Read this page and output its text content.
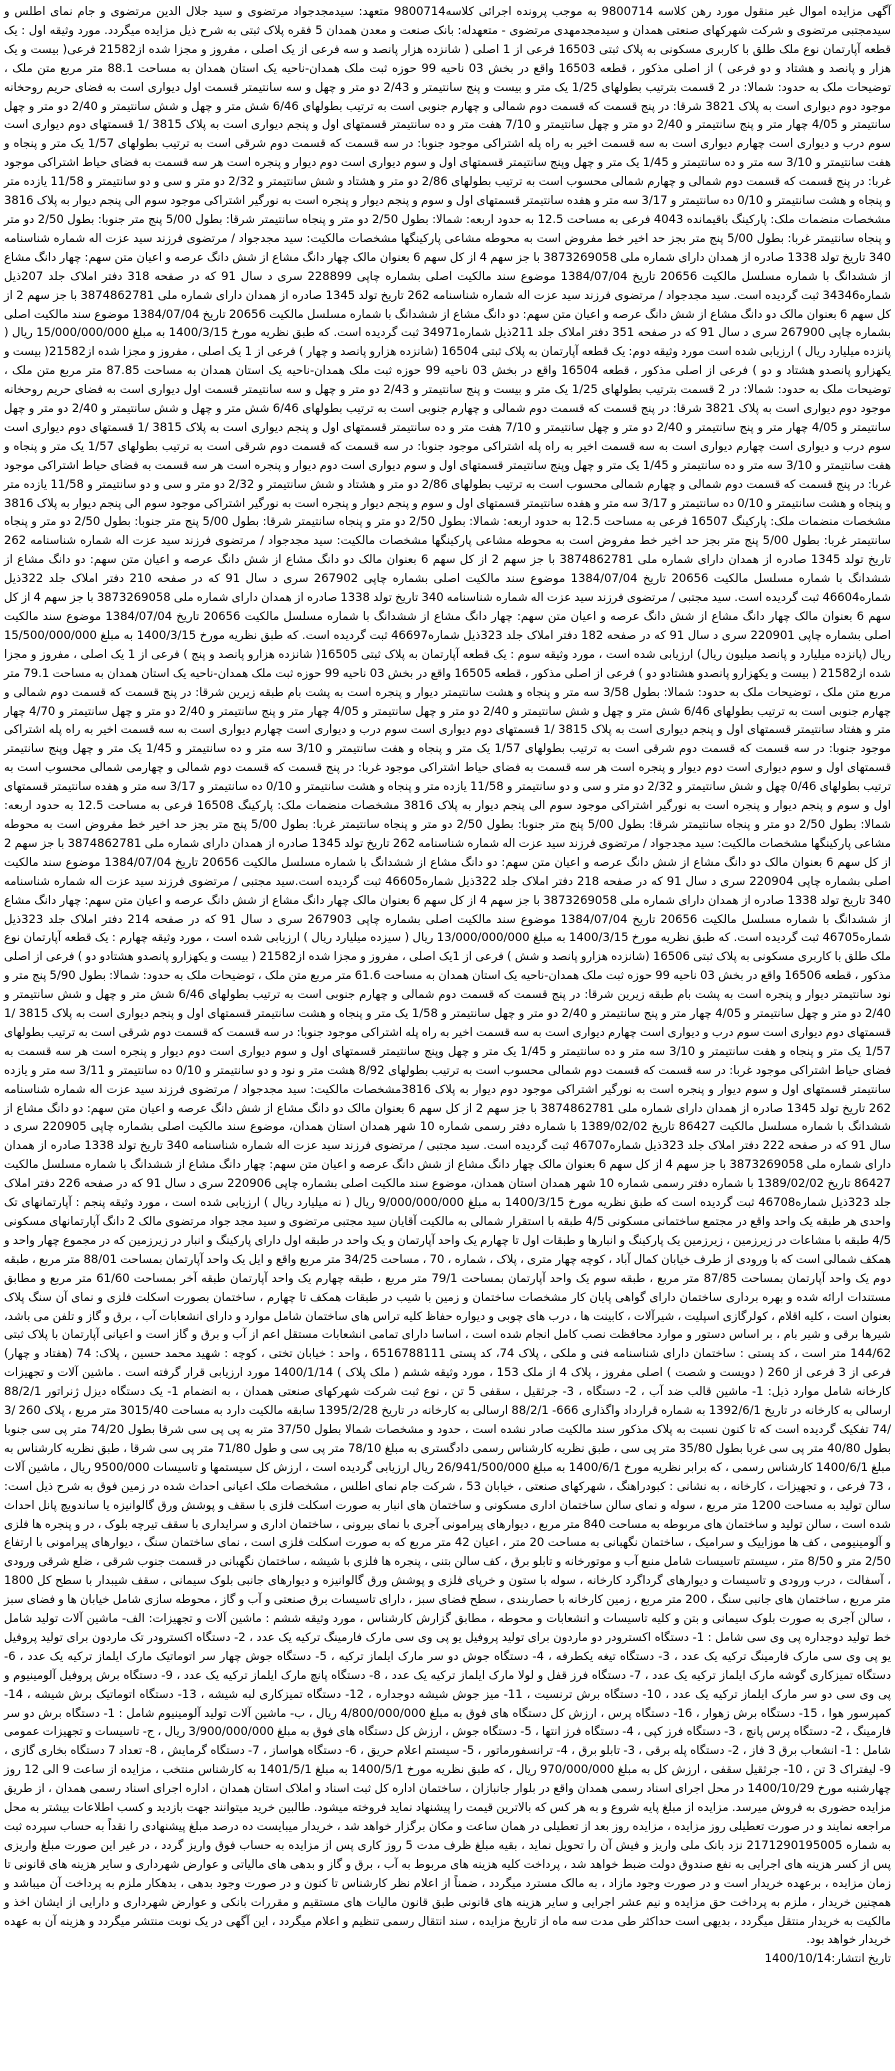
آگهی مزایده اموال غیر منقول مورد رهن کلاسه 9800714 به موجب پرونده اجرائی کلاسه9800714 متعهد: سیدمجدجواد مرتضوی و سید جلال الدین مرتضوی و جام نمای اطلس و سیدمجتبی مرتضوی و شرکت شهرکهای صنعتی همدان و سیدمجدمهدی مرتضوی - متعهدله: بانک صنعت و معدن همدان 5 فقره پلاک ثبتی به شرح ذیل مزایده میگردد. مورد وثیقه اول : یک قطعه آپارتمان نوع ملک طلق با کاربری مسکونی به پلاک ثبتی 16503 فرعی از 1 اصلی ( شانزده هزار پانصد و سه فرعی از یک اصلی ، مفروز و مجزا شده از21582 فرعی( بیست و یک هزار و پانصد و هشتاد و دو فرعی ) از اصلی مذکور ، قطعه 16503 واقع در بخش 03 ناحیه 99 حوزه ثبت ملک همدان-ناحیه یک استان همدان به مساحت 88.1 متر مربع متن ملک ، توضیحات ملک به حدود: شمالا: در 2 قسمت بترتیب بطولهای 1/25 یک متر و بیست و پنج سانتیمتر و 2/43 دو متر و چهل و سه سانتیمتر قسمت اول دیواری است به فضای حریم روحخانه موجود دوم دیواری است به پلاک 3821 شرقا: در پنج قسمت که قسمت دوم شمالی و چهارم جنوبی است به ترتیب بطولهای 6/46 شش متر و چهل و شش سانتیمتر و 2/40 دو متر و چهل سانتیمتر و 4/05 چهار متر و پنج سانتیمتر و 2/40 دو متر و چهل سانتیمتر و 7/10 هفت متر و ده سانتیمتر قسمتهای اول و پنجم دیواری است به پلاک 3815 /1 قسمتهای دوم دیواری است سوم درب و دیواری است چهارم دیواری است به سه قسمت اخیر به راه پله اشتراکی موجود جنوبا: در سه قسمت که قسمت دوم شرقی است به ترتیب بطولهای 1/57 یک متر و پنجاه و هفت سانتیمتر و 3/10 سه متر و ده سانتیمتر و 1/45 یک متر و چهل وپنج سانتیمتر قسمتهای اول و سوم دیواری است دوم دیوار و پنجره است هر سه قسمت به فضای حیاط اشتراکی موجود غربا: در پنج قسمت که قسمت دوم شمالی و چهارم شمالی محسوب است به ترتیب بطولهای 2/86 دو متر و هشتاد و شش سانتیمتر و 2/32 دو متر و سی و دو سانتیمتر و 11/58 یازده متر و پنجاه و هشت سانتیمتر و 0/10 ده سانتیمتر و 3/17 سه متر و هفده سانتیمتر قسمتهای اول و سوم و پنجم دیوار و پنجره است به نورگیر اشتراکی موجود سوم الی پنجم دیوار به پلاک 3816 مشخصات منضمات ملک: پارکینگ باقیمانده 4043 فرعی به مساحت 12.5 به حدود اربعه: شمالا: بطول 2/50 دو متر و پنجاه سانتیمتر شرقا: بطول 5/00 پنج متر جنوبا: بطول 2/50 دو متر و پنجاه سانتیمتر غربا: بطول 5/00 پنج متر بجز حد اخیر خط مفروض است به محوطه مشاعی پارکینگها مشخصات مالکیت: سید مجدجواد / مرتضوی فرزند سید عزت اله شماره شناسنامه 340 تاریخ تولد 1338 صادره از همدان دارای شماره ملی 3873269058 با جز سهم 4 از کل سهم 6 بعنوان مالک چهار دانگ مشاع از شش دانگ عرصه و اعیان متن سهم: چهار دانگ مشاع از ششدانگ با شماره مسلسل مالکیت 20656 تاریخ 1384/07/04 موضوع سند مالکیت اصلی بشماره چاپی 228899 سری د سال 91 که در صفحه 318 دفتر املاک جلد 207ذیل شماره34346 ثبت گردیده است. سید مجدجواد / مرتضوی فرزند سید عزت اله شماره شناسنامه 262 تاریخ تولد 1345 صادره از همدان دارای شماره ملی 3874862781 با جز سهم 2 از کل سهم 6 بعنوان مالک دو دانگ مشاع از شش دانگ عرصه و اعیان متن سهم: دو دانگ مشاع از ششدانگ با شماره مسلسل مالکیت 20656 تاریخ 1384/07/04 موضوع سند مالکیت اصلی بشماره چاپی 267900 سری د سال 91 که در صفحه 351 دفتر املاک جلد 211ذیل شماره34971 ثبت گردیده است. که طبق نظریه مورخ 1400/3/15 به مبلغ 15/000/000/000 ریال ( پانزده میلیارد ریال ) ارزیابی شده است مورد وثیقه دوم: یک قطعه آپارتمان به پلاک ثبتی 16504 (شانزده هزارو پانصد و چهار ) فرعی از 1 یک اصلی ، مفروز و مجزا شده از21582( بیست و یکهزارو پانصدو هشتاد و دو ) فرعی از اصلی مذکور ، قطعه 16504 واقع در بخش 03 ناحیه 99 حوزه ثبت ملک همدان-ناحیه یک استان همدان به مساحت 87.85 متر مربع متن ملک ، توضیحات ملک به حدود: شمالا: در 2 قسمت بترتیب بطولهای 1/25 یک متر و بیست و پنج سانتیمتر و 2/43 دو متر و چهل و سه سانتیمتر قسمت اول دیواری است به فضای حریم روحخانه موجود دوم دیواری است به پلاک 3821 شرقا: در پنج قسمت که قسمت دوم شمالی و چهارم جنوبی است به ترتیب بطولهای 6/46 شش متر و چهل و شش سانتیمتر و 2/40 دو متر و چهل سانتیمتر و 4/05 چهار متر و پنج سانتیمتر و 2/40 دو متر و چهل سانتیمتر و 7/10 هفت متر و ده سانتیمتر قسمتهای اول و پنجم دیواری است به پلاک 3815 /1 قسمتهای دوم دیواری است سوم درب و دیواری است چهارم دیواری است به سه قسمت اخیر به راه پله اشتراکی موجود جنوبا: در سه قسمت که قسمت دوم شرقی است به ترتیب بطولهای 1/57 یک متر و پنجاه و هفت سانتیمتر و 3/10 سه متر و ده سانتیمتر و 1/45 یک متر و چهل وپنج سانتیمتر قسمتهای اول و سوم دیواری است دوم دیوار و پنجره است هر سه قسمت به فضای حیاط اشتراکی موجود غربا: در پنج قسمت که قسمت دوم شمالی و چهارم شمالی محسوب است به ترتیب بطولهای 2/86 دو متر و هشتاد و شش سانتیمتر و 2/32 دو متر و سی و دو سانتیمتر و 11/58 یازده متر و پنجاه و هشت سانتیمتر و 0/10 ده سانتیمتر و 3/17 سه متر و هفده سانتیمتر قسمتهای اول و سوم و پنجم دیوار و پنجره است به نورگیر اشتراکی موجود سوم الی پنجم دیوار به پلاک 3816 مشخصات منضمات ملک: پارکینگ 16507 فرعی به مساحت 12.5 به حدود اربعه: شمالا: بطول 2/50 دو متر و پنجاه سانتیمتر شرقا: بطول 5/00 پنج متر جنوبا: بطول 2/50 دو متر و پنجاه سانتیمتر غربا: بطول 5/00 پنج متر بجز حد اخیر خط مفروض است به محوطه مشاعی پارکینگها مشخصات مالکیت: سید مجدجواد / مرتضوی فرزند سید عزت اله شماره شناسنامه 262 تاریخ تولد 1345 صادره از همدان دارای شماره ملی 3874862781 با جز سهم 2 از کل سهم 6 بعنوان مالک دو دانگ مشاع از شش دانگ عرصه و اعیان متن سهم: دو دانگ مشاع از ششدانگ با شماره مسلسل مالکیت 20656 تاریخ 1384/07/04 موضوع سند مالکیت اصلی بشماره چاپی 267902 سری د سال 91 که در صفحه 210 دفتر املاک جلد 322ذیل شماره46604 ثبت گردیده است. سید مجتبی / مرتضوی فرزند سید عزت اله شماره شناسنامه 340 تاریخ تولد 1338 صادره از همدان دارای شماره ملی 3873269058 با جز سهم 4 از کل سهم 6 بعنوان مالک چهار دانگ مشاع از شش دانگ عرصه و اعیان متن سهم: چهار دانگ مشاع از ششدانگ با شماره مسلسل مالکیت 20656 تاریخ 1384/07/04 موضوع سند مالکیت اصلی بشماره چاپی 220901 سری د سال 91 که در صفحه 182 دفتر املاک جلد 323ذیل شماره46697 ثبت گردیده است. که طبق نظریه مورخ 1400/3/15 به مبلغ 15/500/000/000 ریال (پانزده میلیارد و پانصد میلیون ریال) ارزیابی شده است ، مورد وثیقه سوم : یک قطعه آپارتمان به پلاک ثبتی 16505( شانزده هزارو پانصد و پنج ) فرعی از 1 یک اصلی ، مفروز و مجزا شده از21582 ( بیست و یکهزارو پانصدو هشتادو دو ) فرعی از اصلی مذکور ، قطعه 16505 واقع در بخش 03 ناحیه 99 حوزه ثبت ملک همدان-ناحیه یک استان همدان به مساحت 79.1 متر مربع متن ملک ، توضیحات ملک به حدود: شمالا: بطول 3/58 سه متر و پنجاه و هشت سانتیمتر دیوار و پنجره است به پشت بام طبقه زیرین شرقا: در پنج قسمت که قسمت دوم شمالی و چهارم جنوبی است به ترتیب بطولهای 6/46 شش متر و چهل و شش سانتیمتر و 2/40 دو متر و چهل سانتیمتر و 4/05 چهار متر و پنج سانتیمتر و 2/40 دو متر و چهل سانتیمتر و 4/70 چهار متر و هفتاد سانتیمتر قسمتهای اول و پنجم دیواری است به پلاک 3815 /1 قسمتهای دوم دیواری است سوم درب و دیواری است چهارم دیواری است به سه قسمت اخیر به راه پله اشتراکی موجود جنوبا: در سه قسمت که قسمت دوم شرقی است به ترتیب بطولهای 1/57 یک متر و پنجاه و هفت سانتیمتر و 3/10 سه متر و ده سانتیمتر و 1/45 یک متر و چهل وپنج سانتیمتر قسمتهای اول و سوم دیواری است دوم دیوار و پنجره است هر سه قسمت به فضای حیاط اشتراکی موجود غربا: در پنج قسمت که قسمت دوم شمالی و چهارمی شمالی محسوب است به ترتیب بطولهای 0/46 چهل و شش سانتیمتر و 2/32 دو متر و سی و دو سانتیمتر و 11/58 یازده متر و پنجاه و هشت سانتیمتر و 0/10 ده سانتیمتر و 3/17 سه متر و هفده سانتیمتر قسمتهای اول و سوم و پنجم دیوار و پنجره است به نورگیر اشتراکی موجود سوم الی پنجم دیوار به پلاک 3816 مشخصات منضمات ملک: پارکینگ 16508 فرعی به مساحت 12.5 به حدود اربعه: شمالا: بطول 2/50 دو متر و پنجاه سانتیمتر شرقا: بطول 5/00 پنج متر جنوبا: بطول 2/50 دو متر و پنجاه سانتیمتر غربا: بطول 5/00 پنج متر بجز حد اخیر خط مفروض است به محوطه مشاعی پارکینگها مشخصات مالکیت: سید مجدجواد / مرتضوی فرزند سید عزت اله شماره شناسنامه 262 تاریخ تولد 1345 صادره از همدان دارای شماره ملی 3874862781 با جز سهم 2 از کل سهم 6 بعنوان مالک دو دانگ مشاع از شش دانگ عرصه و اعیان متن سهم: دو دانگ مشاع از ششدانگ با شماره مسلسل مالکیت 20656 تاریخ 1384/07/04 موضوع سند مالکیت اصلی بشماره چاپی 220904 سری د سال 91 که در صفحه 218 دفتر املاک جلد 322ذیل شماره46605 ثبت گردیده است.سید مجتبی / مرتضوی فرزند سید عزت اله شماره شناسنامه 340 تاریخ تولد 1338 صادره از همدان دارای شماره ملی 3873269058 با جز سهم 4 از کل سهم 6 بعنوان مالک چهار دانگ مشاع از شش دانگ عرصه و اعیان متن سهم: چهار دانگ مشاع از ششدانگ با شماره مسلسل مالکیت 20656 تاریخ 1384/07/04 موضوع سند مالکیت اصلی بشماره چاپی 267903 سری د سال 91 که در صفحه 214 دفتر املاک جلد 323ذیل شماره46705 ثبت گردیده است. که طبق نظریه مورخ 1400/3/15 به مبلغ 13/000/000/000 ریال ( سیزده میلیارد ریال ) ارزیابی شده است ، مورد وثیقه چهارم : یک قطعه آپارتمان نوع ملک طلق با کاربری مسکونی به پلاک ثبتی 16506 (شانزده هزارو پانصد و شش ) فرعی از 1یک اصلی ، مفروز و مجزا شده از21582 ( بیست و یکهزارو پانصدو هشتادو دو ) فرعی از اصلی مذکور ، قطعه 16506 واقع در بخش 03 ناحیه 99 حوزه ثبت ملک همدان-ناحیه یک استان همدان به مساحت 61.6 متر مربع متن ملک ، توضیحات ملک به حدود: شمالا: بطول 5/90 پنج متر و نود سانتیمتر دیوار و پنجره است به پشت بام طبقه زیرین شرقا: در پنج قسمت که قسمت دوم شمالی و چهارم جنوبی است به ترتیب بطولهای 6/46 شش متر و چهل و شش سانتیمتر و 2/40 دو متر و چهل سانتیمتر و 4/05 چهار متر و پنج سانتیمتر و 2/40 دو متر و چهل سانتیمتر و 1/58 یک متر و پنجاه و هشت سانتیمتر قسمتهای اول و پنجم دیواری است به پلاک 3815 /1 قسمتهای دوم دیواری است سوم درب و دیواری است چهارم دیواری است به سه قسمت اخیر به راه پله اشتراکی موجود جنوبا: در سه قسمت که قسمت دوم شرقی است به ترتیب بطولهای 1/57 یک متر و پنجاه و هفت سانتیمتر و 3/10 سه متر و ده سانتیمتر و 1/45 یک متر و چهل وپنج سانتیمتر قسمتهای اول و سوم دیواری است دوم دیوار و پنجره است هر سه قسمت به فضای حیاط اشتراکی موجود غربا: در سه قسمت که قسمت دوم شمالی محسوب است به ترتیب بطولهای 8/92 هشت متر و نود و دو سانتیمتر و 0/10 ده سانتیمتر و 3/11 سه متر و یازده سانتیمتر قسمتهای اول و سوم دیوار و پنجره است به نورگیر اشتراکی موجود دوم دیوار به پلاک 3816مشخصات مالکیت: سید مجدجواد / مرتضوی فرزند سید عزت اله شماره شناسنامه 262 تاریخ تولد 1345 صادره از همدان دارای شماره ملی 3874862781 با جز سهم 2 از کل سهم 6 بعنوان مالک دو دانگ مشاع از شش دانگ عرصه و اعیان متن سهم: دو دانگ مشاع از ششدانگ با شماره مسلسل مالکیت 86427 تاریخ 1389/02/02 با شماره دفتر رسمی شماره 10 شهر همدان استان همدان، موضوع سند مالکیت اصلی بشماره چاپی 220905 سری د سال 91 که در صفحه 222 دفتر املاک جلد 323ذیل شماره46707 ثبت گردیده است. سید مجتبی / مرتضوی فرزند سید عزت اله شماره شناسنامه 340 تاریخ تولد 1338 صادره از همدان دارای شماره ملی 3873269058 با جز سهم 4 از کل سهم 6 بعنوان مالک چهار دانگ مشاع از شش دانگ عرصه و اعیان متن سهم: چهار دانگ مشاع از ششدانگ با شماره مسلسل مالکیت 86427 تاریخ 1389/02/02 با شماره دفتر رسمی شماره 10 شهر همدان استان همدان، موضوع سند مالکیت اصلی بشماره چاپی 220906 سری د سال 91 که در صفحه 226 دفتر املاک جلد 323ذیل شماره46708 ثبت گردیده است که طبق نظریه مورخ 1400/3/15 به مبلغ 9/000/000/000 ریال ( نه میلیارد ریال ) ارزیابی شده است ، مورد وثیقه پنجم : آپارتمانهای تک واحدی هر طبقه یک واحد واقع در مجتمع ساختمانی مسکونی 4/5 طبقه با استقرار شمالی به مالکیت آقایان سید مجتبی مرتضوی و سید مجد جواد مرتضوی مالک 2 دانگ آپارتمانهای مسکونی 4/5 طبقه با مشاعات در زیرزمین ، زیرزمین یک پارکینگ و انبارها و طبقات اول تا چهارم یک واحد آپارتمان و یک واحد در طبقه اول دارای پارکینگ و انبار در زیرزمین که در مجموع چهار واحد و همکف شمالی است که با ورودی از طرف خیابان کمال آباد ، کوچه چهار متری ، پلاک ، شماره ، 70 ، مساحت 34/25 متر مربع واقع و ایل یک واحد آپارتمان بمساحت 88/01 متر مربع ، طبقه دوم یک واحد آپارتمان بمساحت 87/85 متر مربع ، طبقه سوم یک واحد آپارتمان بمساحت 79/1 متر مربع ، طبقه چهارم یک واحد آپارتمان طبقه آخر بمساحت 61/60 متر مربع و مطابق مستندات ارائه شده و بهره برداری ساختمان دارای گواهی پایان کار مشخصات ساختمان و زمین با شیب در طبقات همکف تا چهارم ، ساختمان بصورت اسکلت فلزی و نمای آن سنگ پلاک بعنوان است ، کلیه اقلام ، کولرگازی اسپلیت ، شیرآلات ، کابینت ها ، درب های چوبی و دیواره حفاظ کلیه تراس های ساختمان شامل موارد و دارای انشعابات آب ، برق و گاز و تلفن می باشد، شیرها برقی و شیر بام ، بر اساس دستور و موارد محافظت نصب کامل انجام شده است ، اساسا دارای تمامی انشعابات مستقل اعم از آب و برق و گاز است و اعیانی آپارتمان با پلاک ثبتی 144/62 متر است ، کد پستی : ساختمان دارای شناسنامه فنی و ملکی ، پلاک 74، کد پستی 6516788111 ، واحد : خیابان تختی ، کوچه : شهید محمد حسین ، پلاک: 74 (هفتاد و چهار) فرعی از 3 فرعی از 260 ( دویست و شصت ) اصلی مفروز ، پلاک 4 از ملک 153 ، مورد وثیقه ششم ( ملک پلاک ) 1400/1/14 مورد ارزیابی قرار گرفته است . ماشین آلات و تجهیزات کارخانه شامل موارد ذیل: 1- ماشین قالب ضد آب ، 2- دستگاه ، 3- جرثقیل ، سقفی 5 تن ، نوع ثبت شرکت شهرکهای صنعتی همدان ، به انضمام 1- یک دستگاه دیزل ژنراتور 88/2/1 ارسالی به کارخانه در تاریخ 1392/6/1 به شماره قرارداد واگذاری 666- 88/2/1 ارسالی به کارخانه در تاریخ 1395/2/28 سابقه مالکیت دارد به مساحت 3015/40 متر مربع ، پلاک 260 /3 /74 تفکیک گردیده است که تا کنون نسبت به پلاک مذکور سند مالکیت صادر نشده است ، حدود و مشخصات شمالا بطول 37/50 متر به پی پی سی شرقا بطول 74/20 متر پی سی جنوبا بطول 40/80 متر پی سی غربا بطول 35/80 متر پی سی ، طبق نظریه کارشناس رسمی دادگستری به مبلغ 78/10 متر پی سی و طول 71/80 متر پی سی شرقا ، طبق نظریه کارشناس به مبلغ 1400/6/1 کارشناس رسمی ، که برابر نظریه مورخ 1400/6/1 به مبلغ 26/941/500/000 ریال ارزیابی گردیده است ، ارزش کل سیستمها و تاسیسات 9500/000 ریال ، ماشین آلات ، 73 فرعی ، و تجهیزات ، کارخانه ، به نشانی : کبودراهنگ ، شهرکهای صنعتی ، خیابان 53 ، شرکت جام نمای اطلس ، مشخصات ملک اعیانی احداث شده در زمین فوق به شرح ذیل است: سالن تولید به مساحت 1200 متر مربع ، سوله و نمای سالن ساختمان اداری مسکونی و ساختمان های انبار به صورت اسکلت فلزی با سقف و پوشش ورق گالوانیزه یا ساندویچ پانل احداث شده است ، سالن تولید و ساختمان های مربوطه به مساحت 840 متر مربع ، دیوارهای پیرامونی آجری با نمای بیرونی ، ساختمان اداری و سرایداری با سقف تیرچه بلوک ، در و پنجره ها فلزی و آلومینیومی ، کف ها موزاییک و سرامیک ، ساختمان نگهبانی به مساحت 20 متر ، اعیان 42 متر مربع که به صورت اسکلت فلزی است ، نمای ساختمان سنگ ، دیوارهای پیرامونی با ارتفاع 2/50 متر و 8/50 متر ، سیستم تاسیسات شامل منبع آب و موتورخانه و تابلو برق ، کف سالن بتنی ، پنجره ها فلزی با شیشه ، ساختمان نگهبانی در قسمت جنوب شرقی ، ضلع شرقی ورودی ، آسفالت ، درب ورودی و تاسیسات و دیوارهای گرداگرد کارخانه ، سوله با ستون و خرپای فلزی و پوشش ورق گالوانیزه و دیوارهای جانبی بلوک سیمانی ، سقف شیبدار با سطح کل 1800 متر مربع ، ساختمان های جانبی سنگ ، 200 متر مربع ، زمین کارخانه با حصاربندی ، سطح فضای سبز ، دارای تاسیسات برق صنعتی و آب و گاز ، محوطه سازی شامل خیابان ها و فضای سبز ، سالن آجری به صورت بلوک سیمانی و بتن و کلیه تاسیسات و انشعابات و محوطه ، مطابق گزارش کارشناس ، مورد وثیقه ششم : ماشین آلات و تجهیزات: الف- ماشین آلات تولید شامل خط تولید دوجداره پی وی سی شامل : 1- دستگاه اکسترودر دو ماردون برای تولید پروفیل یو پی وی سی مارک فارمینگ ترکیه یک عدد ، 2- دستگاه اکسترودر تک ماردون برای تولید پروفیل یو پی وی سی مارک فارمینگ ترکیه یک عدد ، 3- دستگاه تیغه یکطرفه ، 4- دستگاه جوش دو سر مارک ایلماز ترکیه ، 5- دستگاه جوش چهار سر اتوماتیک مارک ایلماز ترکیه یک عدد ، 6- دستگاه تمیزکاری گوشه مارک ایلماز ترکیه یک عدد ، 7- دستگاه فرز قفل و لولا مارک ایلماز ترکیه یک عدد ، 8- دستگاه پانچ مارک ایلماز ترکیه یک عدد ، 9- دستگاه برش پروفیل آلومینیوم و پی وی سی دو سر مارک ایلماز ترکیه یک عدد ، 10- دستگاه برش ترنسیت ، 11- میز جوش شیشه دوجداره ، 12- دستگاه تمیزکاری لبه شیشه ، 13- دستگاه اتوماتیک برش شیشه ، 14- کمپرسور هوا ، 15- دستگاه برش زهوار ، 16- دستگاه پرس ، ارزش کل دستگاه های فوق به مبلغ 4/800/000/000 ریال ، ب- ماشین آلات تولید آلومینیوم شامل : 1- دستگاه برش دو سر فارمینگ ، 2- دستگاه پرس پانچ ، 3- دستگاه فرز کپی ، 4- دستگاه فرز انتها ، 5- دستگاه جوش ، ارزش کل دستگاه های فوق به مبلغ 3/900/000/000 ریال ، ج- تاسیسات و تجهیزات عمومی شامل : 1- انشعاب برق 3 فاز ، 2- دستگاه پله برقی ، 3- تابلو برق ، 4- ترانسفورماتور ، 5- سیستم اعلام حریق ، 6- دستگاه هواساز ، 7- دستگاه گرمایش ، 8- تعداد 7 دستگاه بخاری گازی ، 9- لیفتراک 3 تن ، 10- جرثقیل سقفی ، ارزش کل به مبلغ 970/000/000 ریال ، که طبق نظریه مورخ 1400/5/1 به مبلغ 1401/5/1 به کارشناس منتخب ، مزایده از ساعت 9 الی 12 روز چهارشنبه مورخ 1400/10/29 در محل اجرای اسناد رسمی همدان واقع در بلوار جانبازان ، ساختمان اداره کل ثبت اسناد و املاک استان همدان ، اداره اجرای اسناد رسمی همدان ، از طریق مزایده حضوری به فروش میرسد. مزایده از مبلغ پایه شروع و به هر کس که بالاترین قیمت را پیشنهاد نماید فروخته میشود. طالبین خرید میتوانند جهت بازدید و کسب اطلاعات بیشتر به محل مراجعه نمایند و در صورت تعطیلی روز مزایده ، مزایده روز بعد از تعطیلی در همان ساعت و مکان برگزار خواهد شد ، خریدار میبایست ده درصد مبلغ پیشنهادی را نقداً به حساب سپرده ثبت به شماره 2171290195005 نزد بانک ملی واریز و فیش آن را تحویل نماید ، بقیه مبلغ ظرف مدت 5 روز کاری پس از مزایده به حساب فوق واریز گردد ، در غیر این صورت مبلغ واریزی پس از کسر هزینه های اجرایی به نفع صندوق دولت ضبط خواهد شد ، پرداخت کلیه هزینه های مربوط به آب ، برق و گاز و بدهی های مالیاتی و عوارض شهرداری و سایر هزینه های قانونی تا زمان مزایده ، برعهده خریدار است و در صورت وجود مازاد ، به مالک مسترد میگردد ، ضمناً از اعلام نظر کارشناس تا کنون و در صورت وجود بدهی ، بدهکار ملزم به پرداخت آن میباشد و همچنین خریدار ، ملزم به پرداخت حق مزایده و نیم عشر اجرایی و سایر هزینه های قانونی طبق قانون مالیات های مستقیم و مقررات بانکی و عوارض شهرداری و دارایی از ایشان اخذ و مالکیت به خریدار منتقل میگردد ، بدیهی است حداکثر طی مدت سه ماه از تاریخ مزایده ، سند انتقال رسمی تنظیم و اعلام میگردد ، این آگهی در یک نوبت منتشر میگردد و هزینه آن به عهده خریدار خواهد بود.

تاریخ انتشار:1400/10/14
